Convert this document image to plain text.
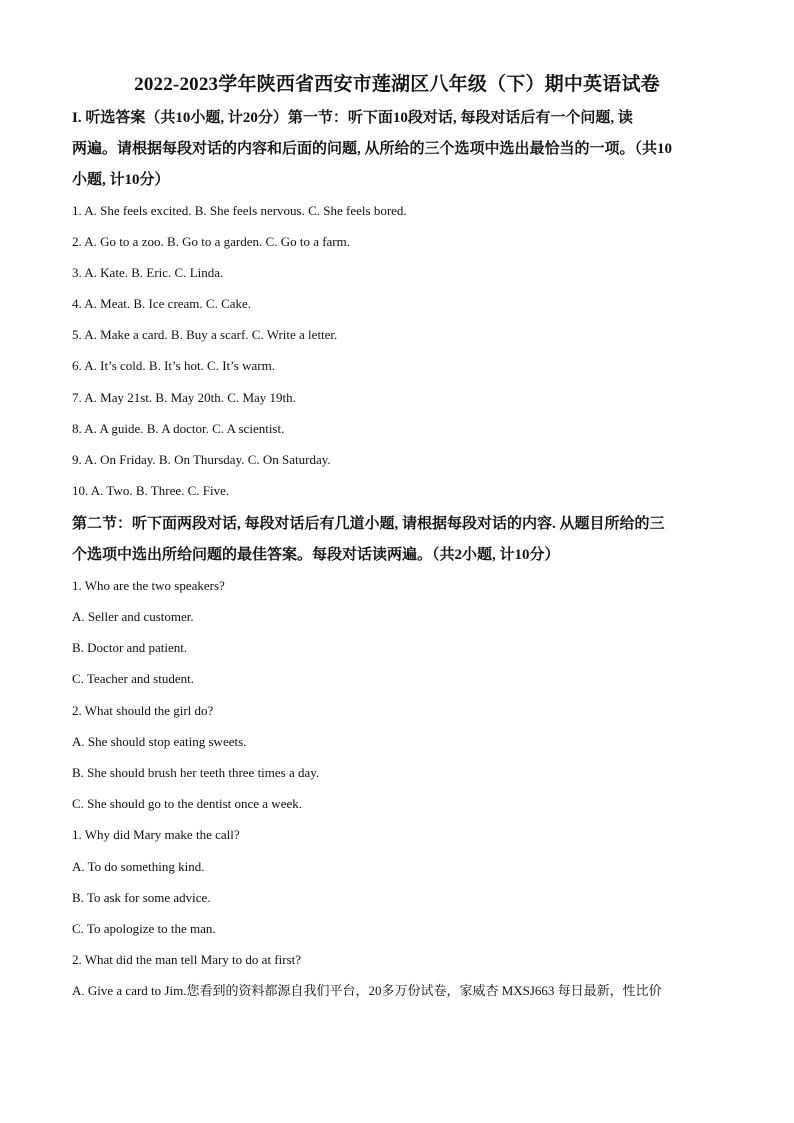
2022-2023学年陕西省西安市莲湖区八年级（下）期中英语试卷
I. 听选答案（共10小题, 计20分）第一节：听下面10段对话, 每段对话后有一个问题, 读
两遍。请根据每段对话的内容和后面的问题, 从所给的三个选项中选出最恰当的一项。（共10
小题, 计10分）
1. A. She feels excited. B. She feels nervous. C. She feels bored.
2. A. Go to a zoo. B. Go to a garden. C. Go to a farm.
3. A. Kate. B. Eric. C. Linda.
4. A. Meat. B. Ice cream. C. Cake.
5. A. Make a card. B. Buy a scarf. C. Write a letter.
6. A. It’s cold. B. It’s hot. C. It’s warm.
7. A. May 21st. B. May 20th. C. May 19th.
8. A. A guide. B. A doctor. C. A scientist.
9. A. On Friday. B. On Thursday. C. On Saturday.
10. A. Two. B. Three. C. Five.
第二节：听下面两段对话, 每段对话后有几道小题, 请根据每段对话的内容. 从题目所给的三
个选项中选出所给问题的最佳答案。每段对话读两遍。（共2小题, 计10分）
1. Who are the two speakers?
A. Seller and customer.
B. Doctor and patient.
C. Teacher and student.
2. What should the girl do?
A. She should stop eating sweets.
B. She should brush her teeth three times a day.
C. She should go to the dentist once a week.
1. Why did Mary make the call?
A. To do something kind.
B. To ask for some advice.
C. To apologize to the man.
2. What did the man tell Mary to do at first?
A. Give a card to Jim.您看到的资料都源自我们平台，20多万份试卷，家威杏 MXSJ663 每日最新，性比价
